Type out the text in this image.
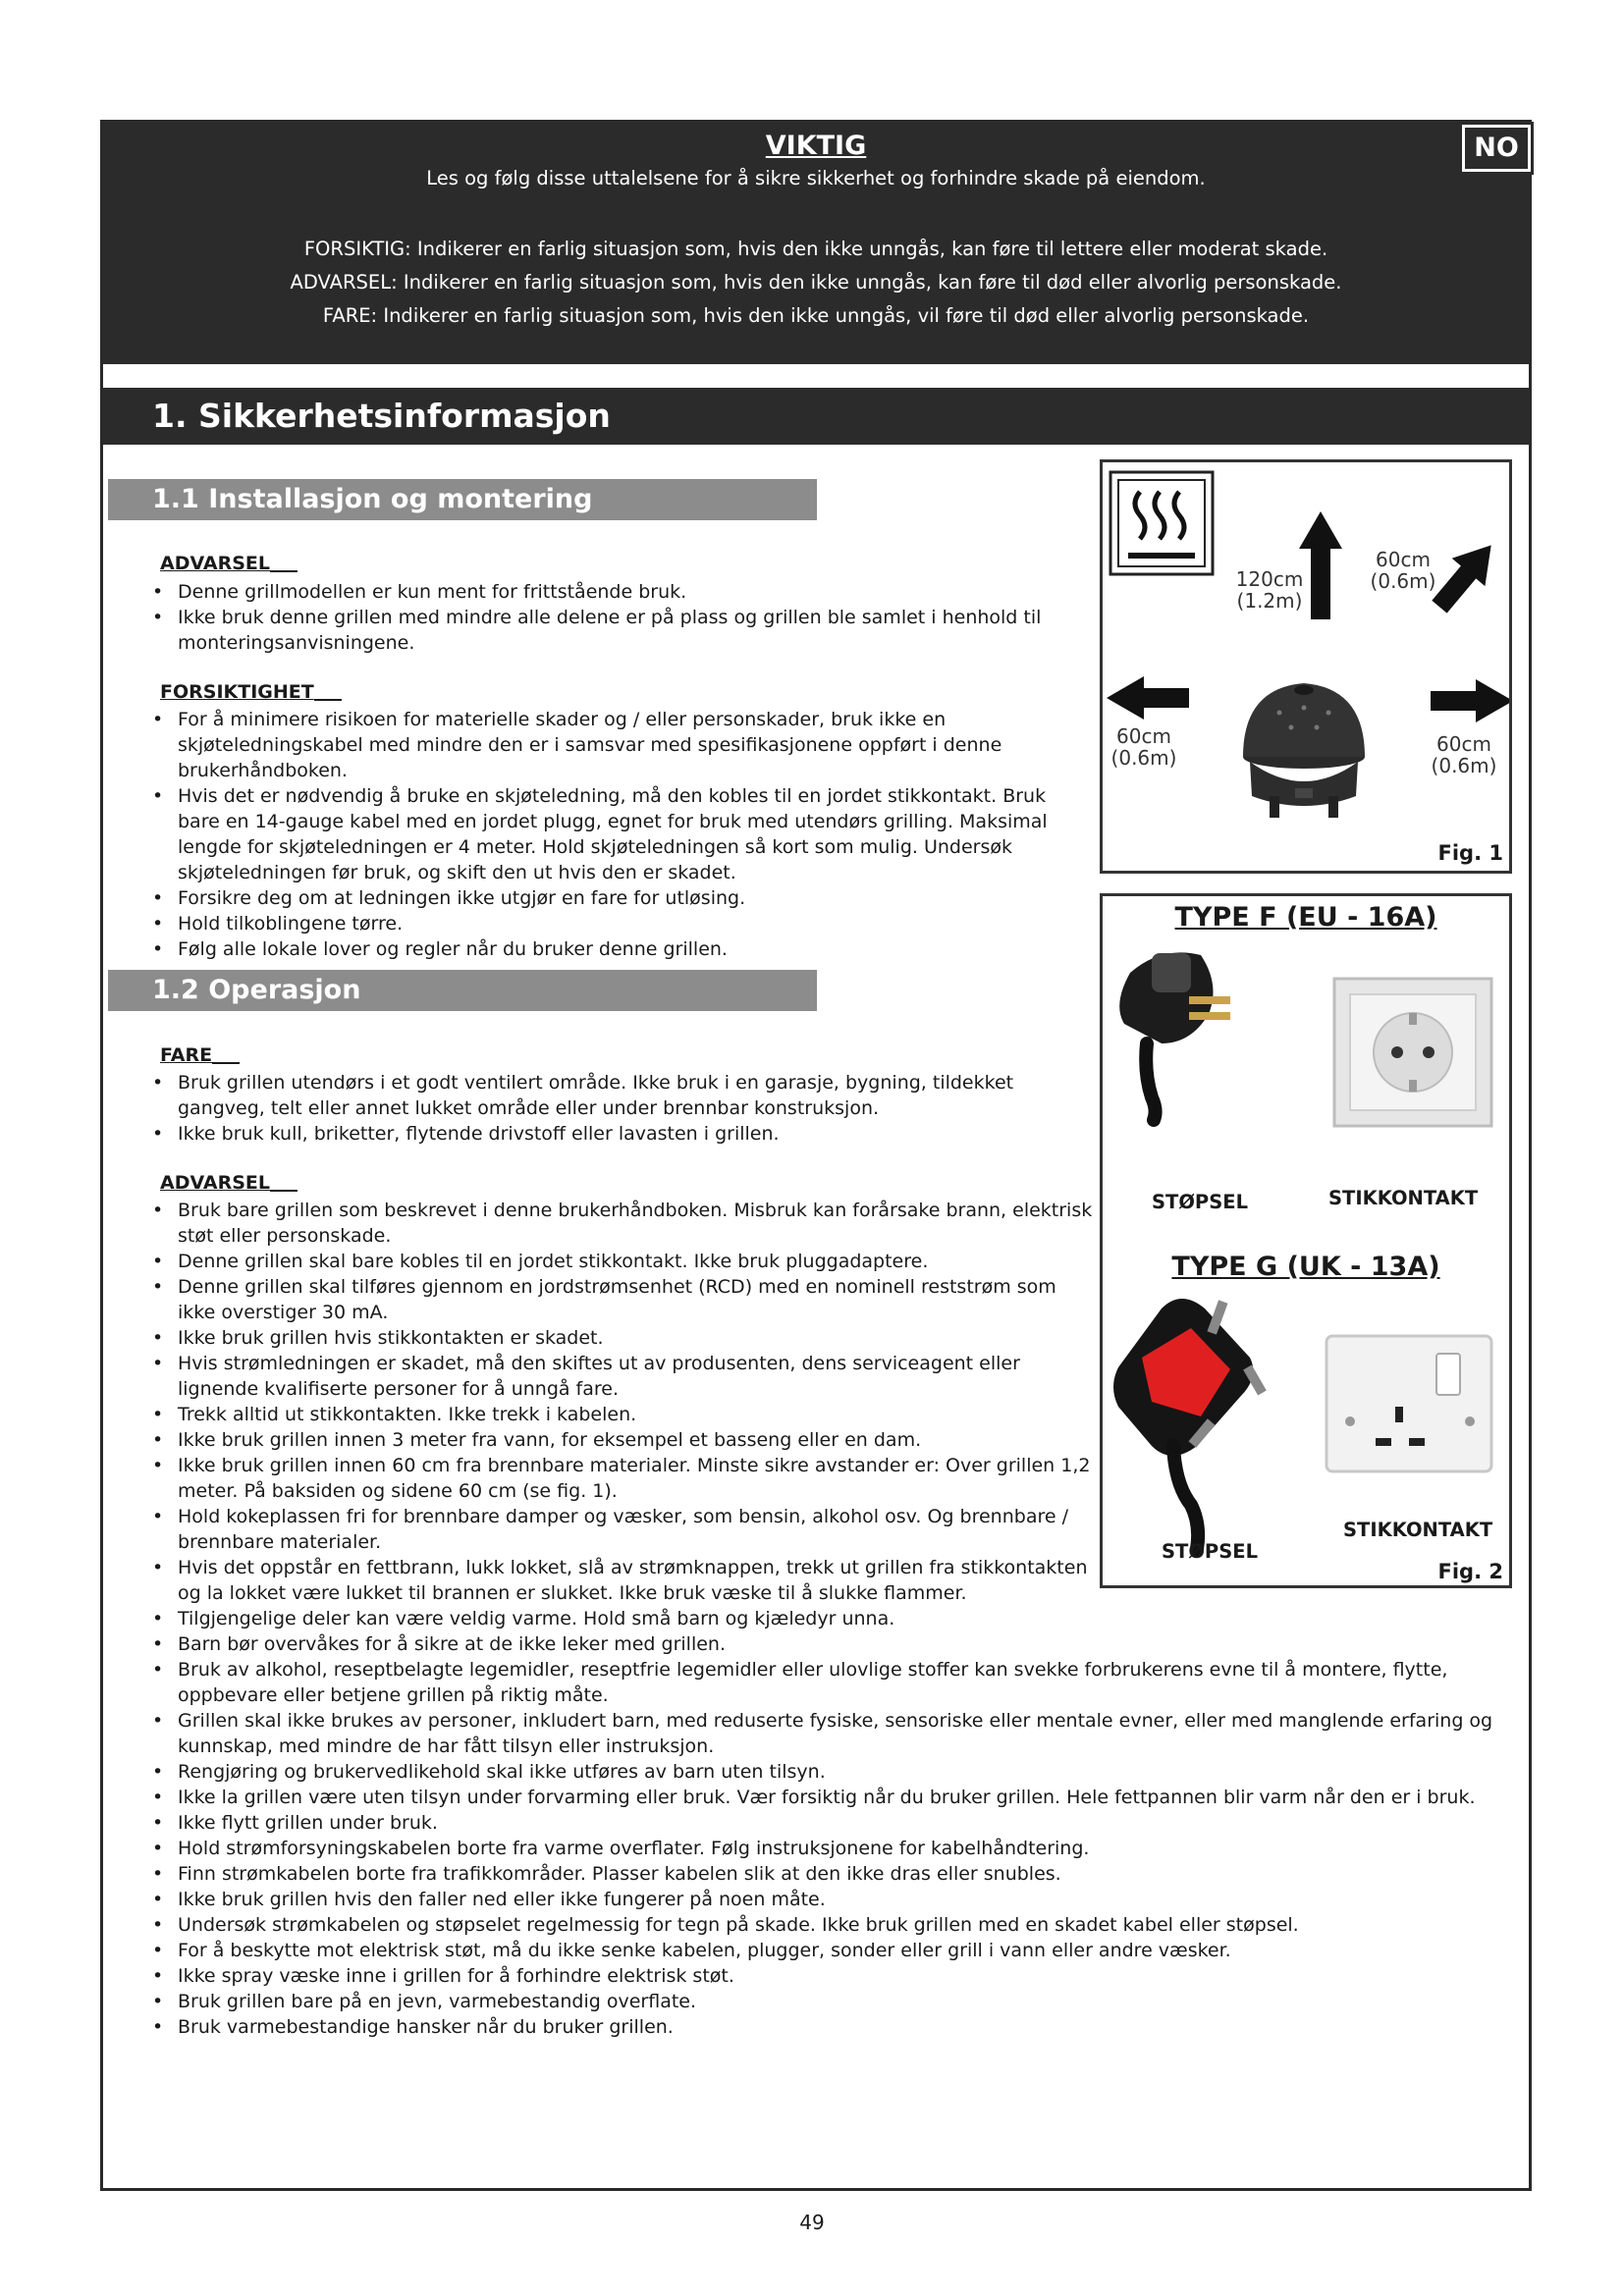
VIKTIG
Les og følg disse uttalelsene for å sikre sikkerhet og forhindre skade på eiendom.
FORSIKTIG: Indikerer en farlig situasjon som, hvis den ikke unngås, kan føre til lettere eller moderat skade.
ADVARSEL: Indikerer en farlig situasjon som, hvis den ikke unngås, kan føre til død eller alvorlig personskade.
FARE: Indikerer en farlig situasjon som, hvis den ikke unngås, vil føre til død eller alvorlig personskade.
NO
1. Sikkerhetsinformasjon
1.1 Installasjon og montering
ADVARSEL
• Denne grillmodellen er kun ment for frittstående bruk.
• Ikke bruk denne grillen med mindre alle delene er på plass og grillen ble samlet i henhold til monteringsanvisningene.
FORSIKTIGHET
• For å minimere risikoen for materielle skader og / eller personskader, bruk ikke en skjøteledningskabel med mindre den er i samsvar med spesifikasjonene oppført i denne brukerhåndboken.
• Hvis det er nødvendig å bruke en skjøteledning, må den kobles til en jordet stikkontakt. Bruk bare en 14-gauge kabel med en jordet plugg, egnet for bruk med utendørs grilling. Maksimal lengde for skjøteledningen er 4 meter. Hold skjøteledningen så kort som mulig. Undersøk skjøteledningen før bruk, og skift den ut hvis den er skadet.
• Forsikre deg om at ledningen ikke utgjør en fare for utløsing.
• Hold tilkoblingene tørre.
• Følg alle lokale lover og regler når du bruker denne grillen.
1.2 Operasjon
FARE
• Bruk grillen utendørs i et godt ventilert område. Ikke bruk i en garasje, bygning, tildekket gangveg, telt eller annet lukket område eller under brennbar konstruksjon.
• Ikke bruk kull, briketter, flytende drivstoff eller lavasten i grillen.
ADVARSEL
• Bruk bare grillen som beskrevet i denne brukerhåndboken. Misbruk kan forårsake brann, elektrisk støt eller personskade.
• Denne grillen skal bare kobles til en jordet stikkontakt. Ikke bruk pluggadaptere.
• Denne grillen skal tilføres gjennom en jordstrømsenhet (RCD) med en nominell reststrøm som ikke overstiger 30 mA.
• Ikke bruk grillen hvis stikkontakten er skadet.
• Hvis strømledningen er skadet, må den skiftes ut av produsenten, dens serviceagent eller lignende kvalifiserte personer for å unngå fare.
• Trekk alltid ut stikkontakten. Ikke trekk i kabelen.
• Ikke bruk grillen innen 3 meter fra vann, for eksempel et basseng eller en dam.
• Ikke bruk grillen innen 60 cm fra brennbare materialer. Minste sikre avstander er: Over grillen 1,2 meter. På baksiden og sidene 60 cm (se fig. 1).
• Hold kokeplassen fri for brennbare damper og væsker, som bensin, alkohol osv. Og brennbare / brennbare materialer.
• Hvis det oppstår en fettbrann, lukk lokket, slå av strømknappen, trekk ut grillen fra stikkontakten og la lokket være lukket til brannen er slukket. Ikke bruk væske til å slukke flammer.
• Tilgjengelige deler kan være veldig varme. Hold små barn og kjæledyr unna.
• Barn bør overvåkes for å sikre at de ikke leker med grillen.
• Bruk av alkohol, reseptbelagte legemidler, reseptfrie legemidler eller ulovlige stoffer kan svekke forbrukerens evne til å montere, flytte, oppbevare eller betjene grillen på riktig måte.
• Grillen skal ikke brukes av personer, inkludert barn, med reduserte fysiske, sensoriske eller mentale evner, eller med manglende erfaring og kunnskap, med mindre de har fått tilsyn eller instruksjon.
• Rengjøring og brukervedlikehold skal ikke utføres av barn uten tilsyn.
• Ikke la grillen være uten tilsyn under forvarming eller bruk. Vær forsiktig når du bruker grillen. Hele fettpannen blir varm når den er i bruk.
• Ikke flytt grillen under bruk.
• Hold strømforsyningskabelen borte fra varme overflater. Følg instruksjonene for kabelhåndtering.
• Finn strømkabelen borte fra trafikkområder. Plasser kabelen slik at den ikke dras eller snubles.
• Ikke bruk grillen hvis den faller ned eller ikke fungerer på noen måte.
• Undersøk strømkabelen og støpselet regelmessig for tegn på skade. Ikke bruk grillen med en skadet kabel eller støpsel.
• For å beskytte mot elektrisk støt, må du ikke senke kabelen, plugger, sonder eller grill i vann eller andre væsker.
• Ikke spray væske inne i grillen for å forhindre elektrisk støt.
• Bruk grillen bare på en jevn, varmebestandig overflate.
• Bruk varmebestandige hansker når du bruker grillen.
120cm
(1.2m)
60cm
(0.6m)
60cm
(0.6m)
60cm
(0.6m)
Fig. 1
TYPE F (EU - 16A)
STØPSEL	STIKKONTAKT
TYPE G (UK - 13A)
STIKKONTAKT
STØPSEL
Fig. 2
49
